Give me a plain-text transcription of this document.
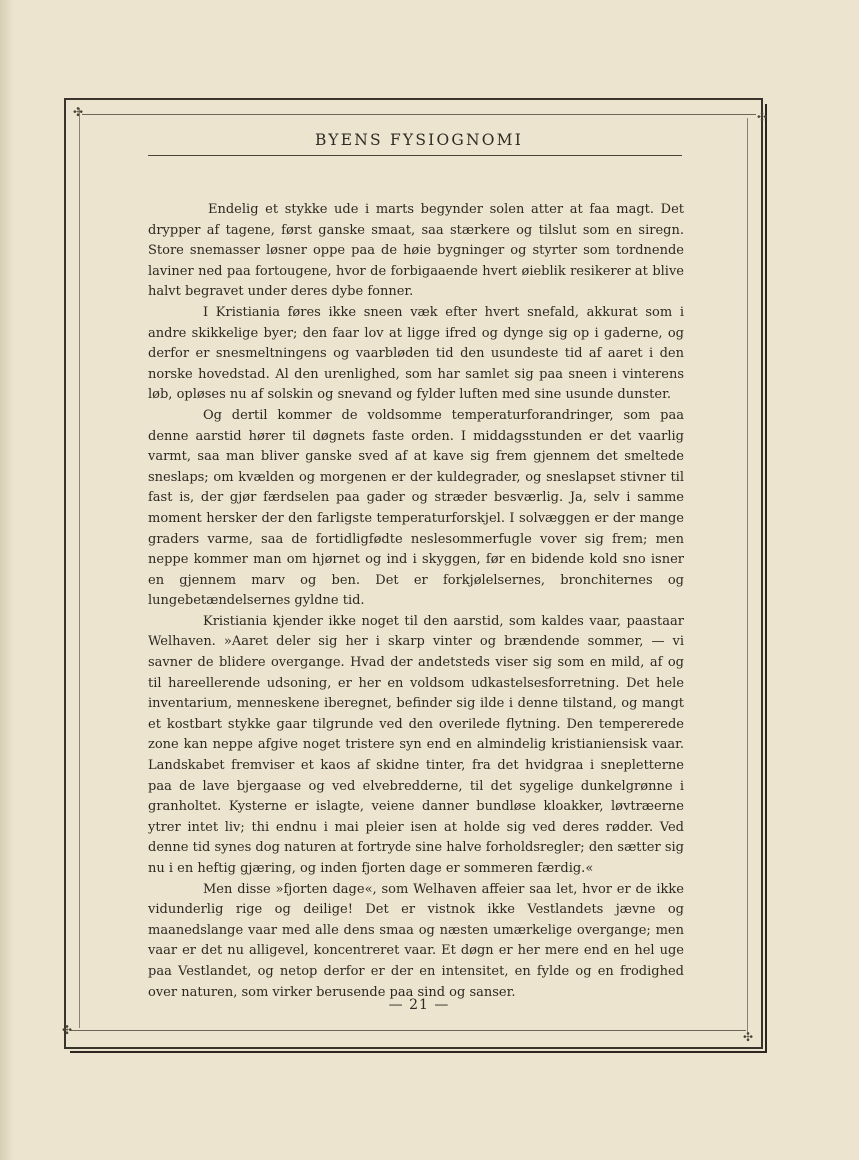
✣	✣
✣	✣
BYENS FYSIOGNOMI

Endelig et stykke ude i marts begynder solen atter at faa magt. Det drypper af tagene, først ganske smaat, saa stærkere og tilslut som en siregn. Store snemasser løsner oppe paa de høie bygninger og styrter som tordnende laviner ned paa fortougene, hvor de forbigaaende hvert øieblik resikerer at blive halvt begravet under deres dybe fonner.

I Kristiania føres ikke sneen væk efter hvert snefald, akkurat som i andre skikkelige byer; den faar lov at ligge ifred og dynge sig op i gaderne, og derfor er snesmeltningens og vaarbløden tid den usundeste tid af aaret i den norske hovedstad. Al den urenlighed, som har samlet sig paa sneen i vinterens løb, opløses nu af solskin og snevand og fylder luften med sine usunde dunster.

Og dertil kommer de voldsomme temperaturforandringer, som paa denne aarstid hører til døgnets faste orden. I middagsstunden er det vaarlig varmt, saa man bliver ganske sved af at kave sig frem gjennem det smeltede sneslaps; om kvælden og morgenen er der kuldegrader, og sneslapset stivner til fast is, der gjør færdselen paa gader og stræder besværlig. Ja, selv i samme moment hersker der den farligste temperaturforskjel. I solvæggen er der mange graders varme, saa de fortidligfødte neslesommerfugle vover sig frem; men neppe kommer man om hjørnet og ind i skyggen, før en bidende kold sno isner en gjennem marv og ben. Det er forkjølelsernes, bronchiternes og lungebetændelsernes gyldne tid.

Kristiania kjender ikke noget til den aarstid, som kaldes vaar, paastaar Welhaven. »Aaret deler sig her i skarp vinter og brændende sommer, — vi savner de blidere overgange. Hvad der andetsteds viser sig som en mild, af og til hareellerende udsoning, er her en voldsom udkastelsesforretning. Det hele inventarium, menneskene iberegnet, befinder sig ilde i denne tilstand, og mangt et kostbart stykke gaar tilgrunde ved den overilede flytning. Den tempererede zone kan neppe afgive noget tristere syn end en almindelig kristianiensisk vaar. Landskabet fremviser et kaos af skidne tinter, fra det hvidgraa i snepletterne paa de lave bjergaase og ved elvebredderne, til det sygelige dunkelgrønne i granholtet. Kysterne er islagte, veiene danner bundløse kloakker, løvtræerne ytrer intet liv; thi endnu i mai pleier isen at holde sig ved deres rødder. Ved denne tid synes dog naturen at fortryde sine halve forholdsregler; den sætter sig nu i en heftig gjæring, og inden fjorten dage er sommeren færdig.«

Men disse »fjorten dage«, som Welhaven affeier saa let, hvor er de ikke vidunderlig rige og deilige! Det er vistnok ikke Vestlandets jævne og maanedslange vaar med alle dens smaa og næsten umærkelige overgange; men vaar er det nu alligevel, koncentreret vaar. Et døgn er her mere end en hel uge paa Vestlandet, og netop derfor er der en intensitet, en fylde og en frodighed over naturen, som virker berusende paa sind og sanser.

— 21 —
